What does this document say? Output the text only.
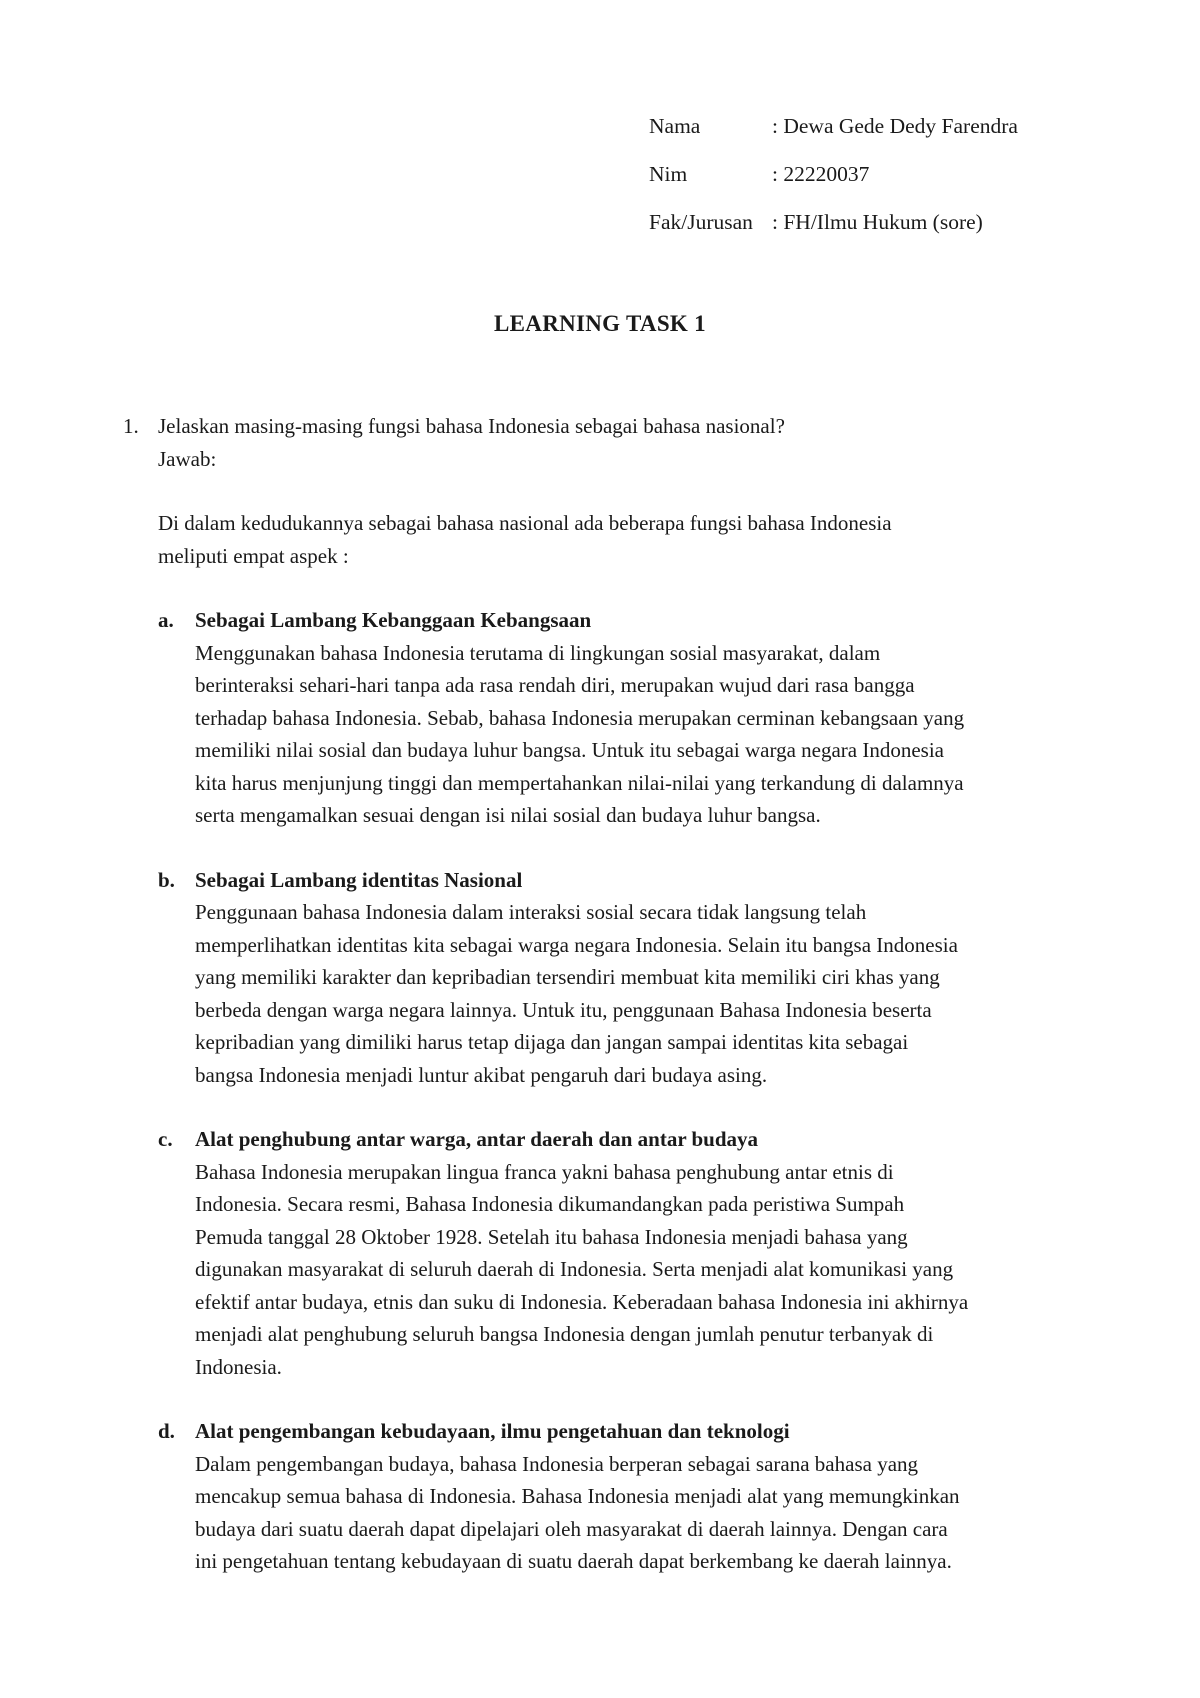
Nama	: Dewa Gede Dedy Farendra
Nim	: 22220037
Fak/Jurusan : FH/Ilmu Hukum (sore)
LEARNING TASK 1
1. Jelaskan masing-masing fungsi bahasa Indonesia sebagai bahasa nasional?
Jawab:
Di dalam kedudukannya sebagai bahasa nasional ada beberapa fungsi bahasa Indonesia
meliputi empat aspek :
a. Sebagai Lambang Kebanggaan Kebangsaan
Menggunakan bahasa Indonesia terutama di lingkungan sosial masyarakat, dalam
berinteraksi sehari-hari tanpa ada rasa rendah diri, merupakan wujud dari rasa bangga
terhadap bahasa Indonesia. Sebab, bahasa Indonesia merupakan cerminan kebangsaan yang
memiliki nilai sosial dan budaya luhur bangsa. Untuk itu sebagai warga negara Indonesia
kita harus menjunjung tinggi dan mempertahankan nilai-nilai yang terkandung di dalamnya
serta mengamalkan sesuai dengan isi nilai sosial dan budaya luhur bangsa.
b. Sebagai Lambang identitas Nasional
Penggunaan bahasa Indonesia dalam interaksi sosial secara tidak langsung telah
memperlihatkan identitas kita sebagai warga negara Indonesia. Selain itu bangsa Indonesia
yang memiliki karakter dan kepribadian tersendiri membuat kita memiliki ciri khas yang
berbeda dengan warga negara lainnya. Untuk itu, penggunaan Bahasa Indonesia beserta
kepribadian yang dimiliki harus tetap dijaga dan jangan sampai identitas kita sebagai
bangsa Indonesia menjadi luntur akibat pengaruh dari budaya asing.
c. Alat penghubung antar warga, antar daerah dan antar budaya
Bahasa Indonesia merupakan lingua franca yakni bahasa penghubung antar etnis di
Indonesia. Secara resmi, Bahasa Indonesia dikumandangkan pada peristiwa Sumpah
Pemuda tanggal 28 Oktober 1928. Setelah itu bahasa Indonesia menjadi bahasa yang
digunakan masyarakat di seluruh daerah di Indonesia. Serta menjadi alat komunikasi yang
efektif antar budaya, etnis dan suku di Indonesia. Keberadaan bahasa Indonesia ini akhirnya
menjadi alat penghubung seluruh bangsa Indonesia dengan jumlah penutur terbanyak di
Indonesia.
d. Alat pengembangan kebudayaan, ilmu pengetahuan dan teknologi
Dalam pengembangan budaya, bahasa Indonesia berperan sebagai sarana bahasa yang
mencakup semua bahasa di Indonesia. Bahasa Indonesia menjadi alat yang memungkinkan
budaya dari suatu daerah dapat dipelajari oleh masyarakat di daerah lainnya. Dengan cara
ini pengetahuan tentang kebudayaan di suatu daerah dapat berkembang ke daerah lainnya.
